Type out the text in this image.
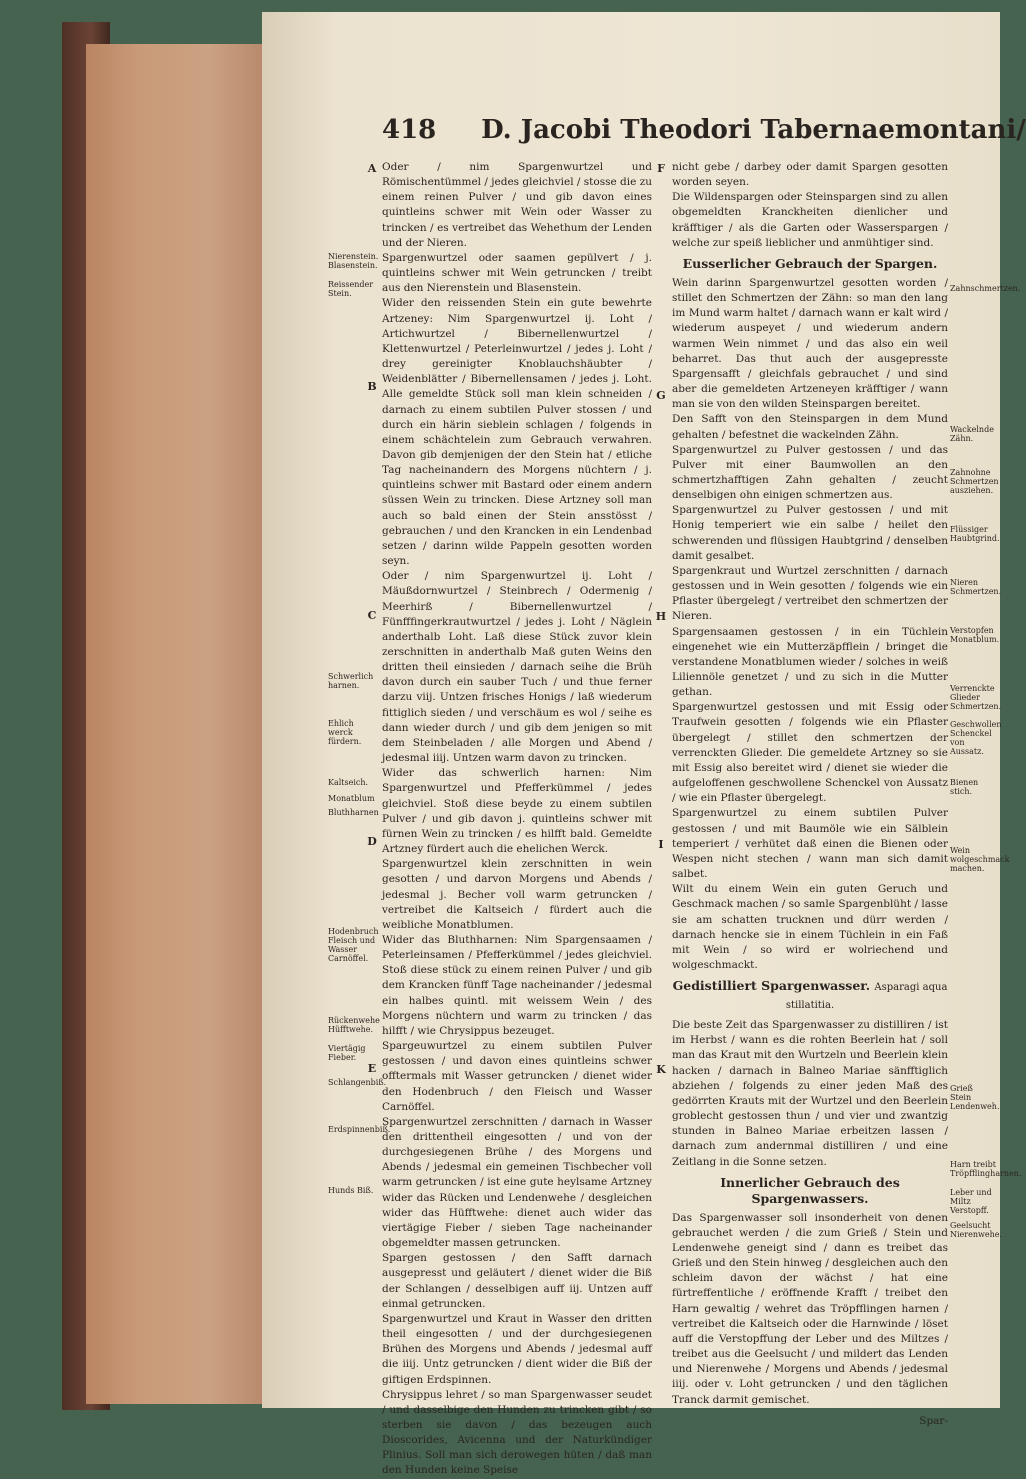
418 D. Jacobi Theodori Tabernaemontani/
A
B
C
D
E
F
G
H
I
K

Oder / nim Spargenwurtzel und Römischentümmel / jedes gleichviel / stosse die zu einem reinen Pulver / und gib davon eines quintleins schwer mit Wein oder Wasser zu trincken / es vertreibet das Wehethum der Lenden und der Nieren.

Spargenwurtzel oder saamen gepülvert / j. quintleins schwer mit Wein getruncken / treibt aus den Nierenstein und Blasenstein.

Wider den reissenden Stein ein gute bewehrte Artzeney: Nim Spargenwurtzel ij. Loht / Artichwurtzel / Bibernellenwurtzel / Klettenwurtzel / Peterleinwurtzel / jedes j. Loht / drey gereinigter Knoblauchshäubter / Weidenblätter / Bibernellensamen / jedes j. Loht. Alle gemeldte Stück soll man klein schneiden / darnach zu einem subtilen Pulver stossen / und durch ein härin sieblein schlagen / folgends in einem schächtelein zum Gebrauch verwahren. Davon gib demjenigen der den Stein hat / etliche Tag nacheinandern des Morgens nüchtern / j. quintleins schwer mit Bastard oder einem andern süssen Wein zu trincken. Diese Artzney soll man auch so bald einen der Stein ansstösst / gebrauchen / und den Krancken in ein Lendenbad setzen / darinn wilde Pappeln gesotten worden seyn.

Oder / nim Spargenwurtzel ij. Loht / Mäußdornwurtzel / Steinbrech / Odermenig / Meerhirß / Bibernellenwurtzel / Fünfffingerkrautwurtzel / jedes j. Loht / Näglein anderthalb Loht. Laß diese Stück zuvor klein zerschnitten in anderthalb Maß guten Weins den dritten theil einsieden / darnach seihe die Brüh davon durch ein sauber Tuch / und thue ferner darzu viij. Untzen frisches Honigs / laß wiederum fittiglich sieden / und verschäum es wol / seihe es dann wieder durch / und gib dem jenigen so mit dem Steinbeladen / alle Morgen und Abend / jedesmal iiij. Untzen warm davon zu trincken.

Wider das schwerlich harnen: Nim Spargenwurtzel und Pfefferkümmel / jedes gleichviel. Stoß diese beyde zu einem subtilen Pulver / und gib davon j. quintleins schwer mit fürnen Wein zu trincken / es hilfft bald. Gemeldte Artzney fürdert auch die ehelichen Werck.

Spargenwurtzel klein zerschnitten in wein gesotten / und darvon Morgens und Abends / jedesmal j. Becher voll warm getruncken / vertreibet die Kaltseich / fürdert auch die weibliche Monatblumen.

Wider das Bluthharnen: Nim Spargensaamen / Peterleinsamen / Pfefferkümmel / jedes gleichviel. Stoß diese stück zu einem reinen Pulver / und gib dem Krancken fünff Tage nacheinander / jedesmal ein halbes quintl. mit weissem Wein / des Morgens nüchtern und warm zu trincken / das hilfft / wie Chrysippus bezeuget.

Spargeuwurtzel zu einem subtilen Pulver gestossen / und davon eines quintleins schwer offtermals mit Wasser getruncken / dienet wider den Hodenbruch / den Fleisch und Wasser Carnöffel.

Spargenwurtzel zerschnitten / darnach in Wasser den drittentheil eingesotten / und von der durchgesiegenen Brühe / des Morgens und Abends / jedesmal ein gemeinen Tischbecher voll warm getruncken / ist eine gute heylsame Artzney wider das Rücken und Lendenwehe / desgleichen wider das Hüfftwehe: dienet auch wider das viertägige Fieber / sieben Tage nacheinander obgemeldter massen getruncken.

Spargen gestossen / den Safft darnach ausgepresst und geläutert / dienet wider die Biß der Schlangen / desselbigen auff iij. Untzen auff einmal getruncken.

Spargenwurtzel und Kraut in Wasser den dritten theil eingesotten / und der durchgesiegenen Brühen des Morgens und Abends / jedesmal auff die iiij. Untz getruncken / dient wider die Biß der giftigen Erdspinnen.

Chrysippus lehret / so man Spargenwasser seudet / und dasselbige den Hunden zu trincken gibt / so sterben sie davon / das bezeugen auch Dioscorides, Avicenna und der Naturkündiger Plinius. Soll man sich derowegen hüten / daß man den Hunden keine Speise

nicht gebe / darbey oder damit Spargen gesotten worden seyen.

Die Wildenspargen oder Steinspargen sind zu allen obgemeldten Kranckheiten dienlicher und kräfftiger / als die Garten oder Wasserspargen / welche zur speiß lieblicher und anmühtiger sind.

Eusserlicher Gebrauch der Spargen.

Wein darinn Spargenwurtzel gesotten worden / stillet den Schmertzen der Zähn: so man den lang im Mund warm haltet / darnach wann er kalt wird / wiederum auspeyet / und wiederum andern warmen Wein nimmet / und das also ein weil beharret. Das thut auch der ausgepresste Spargensafft / gleichfals gebrauchet / und sind aber die gemeldeten Artzeneyen kräfftiger / wann man sie von den wilden Steinspargen bereitet.

Den Safft von den Steinspargen in dem Mund gehalten / befestnet die wackelnden Zähn.

Spargenwurtzel zu Pulver gestossen / und das Pulver mit einer Baumwollen an den schmertzhafftigen Zahn gehalten / zeucht denselbigen ohn einigen schmertzen aus.

Spargenwurtzel zu Pulver gestossen / und mit Honig temperiert wie ein salbe / heilet den schwerenden und flüssigen Haubtgrind / denselben damit gesalbet.

Spargenkraut und Wurtzel zerschnitten / darnach gestossen und in Wein gesotten / folgends wie ein Pflaster übergelegt / vertreibet den schmertzen der Nieren.

Spargensaamen gestossen / in ein Tüchlein eingenehet wie ein Mutterzäpfflein / bringet die verstandene Monatblumen wieder / solches in weiß Liliennöle genetzet / und zu sich in die Mutter gethan.

Spargenwurtzel gestossen und mit Essig oder Traufwein gesotten / folgends wie ein Pflaster übergelegt / stillet den schmertzen der verrenckten Glieder. Die gemeldete Artzney so sie mit Essig also bereitet wird / dienet sie wieder die aufgeloffenen geschwollene Schenckel von Aussatz / wie ein Pflaster übergelegt.

Spargenwurtzel zu einem subtilen Pulver gestossen / und mit Baumöle wie ein Sälblein temperiert / verhütet daß einen die Bienen oder Wespen nicht stechen / wann man sich damit salbet.

Wilt du einem Wein ein guten Geruch und Geschmack machen / so samle Spargenblüht / lasse sie am schatten trucknen und dürr werden / darnach hencke sie in einem Tüchlein in ein Faß mit Wein / so wird er wolriechend und wolgeschmackt.

Gedistilliert Spargenwasser. Asparagi aqua stillatitia.

Die beste Zeit das Spargenwasser zu distilliren / ist im Herbst / wann es die rohten Beerlein hat / soll man das Kraut mit den Wurtzeln und Beerlein klein hacken / darnach in Balneo Mariae sänfftiglich abziehen / folgends zu einer jeden Maß des gedörrten Krauts mit der Wurtzel und den Beerlein groblecht gestossen thun / und vier und zwantzig stunden in Balneo Mariae erbeitzen lassen / darnach zum andernmal distilliren / und eine Zeitlang in die Sonne setzen.

Innerlicher Gebrauch des Spargenwassers.

Das Spargenwasser soll insonderheit von denen gebrauchet werden / die zum Grieß / Stein und Lendenwehe geneigt sind / dann es treibet das Grieß und den Stein hinweg / desgleichen auch den schleim davon der wächst / hat eine fürtreffentliche / eröffnende Krafft / treibet den Harn gewaltig / wehret das Tröpfflingen harnen / vertreibet die Kaltseich oder die Harnwinde / löset auff die Verstopffung der Leber und des Miltzes / treibet aus die Geelsucht / und mildert das Lenden und Nierenwehe / Morgens und Abends / jedesmal iiij. oder v. Loht getruncken / und den täglichen Tranck darmit gemischet.

Spar-
Nierenstein. Blasenstein.
Reissender Stein.
Schwerlich harnen.
Ehlich werck fürdern.
Kaltseich.
Monatblum
Bluthharnen
Hodenbruch Fleisch und Wasser Carnöffel.
Rückenwehe Hüfftwehe.
Viertägig Fieber.
Schlangenbiß.
Erdspinnenbiß.
Hunds Biß.
Zahnschmertzen.
Wackelnde Zähn.
Zahnohne Schmertzen ausziehen.
Flüssiger Haubtgrind.
Nieren Schmertzen.
Verstopfen Monatblum.
Verrenckte Glieder Schmertzen.
Geschwollen Schenckel von Aussatz.
Bienen stich.
Wein wolgeschmack machen.
Grieß Stein Lendenweh.
Harn treibt Tröpfflingharnen.
Leber und Miltz Verstopff.
Geelsucht Nierenwehe.
